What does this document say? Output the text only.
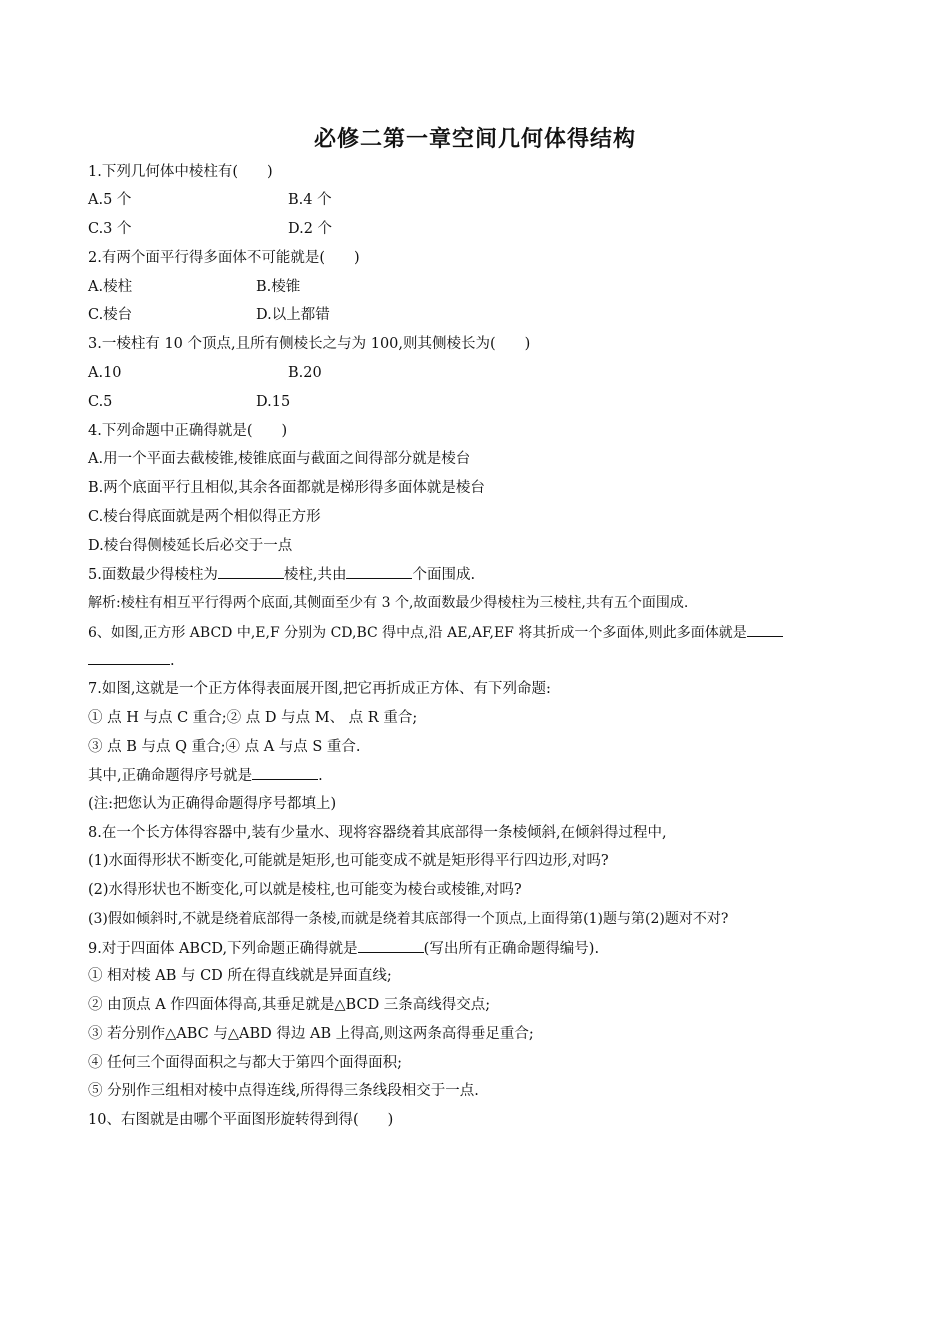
必修二第一章空间几何体得结构
1.下列几何体中棱柱有(　　)
A.5 个	B.4 个
C.3 个	D.2 个
2.有两个面平行得多面体不可能就是(　　)
A.棱柱	B.棱锥
C.棱台	D.以上都错
3.一棱柱有 10 个顶点,且所有侧棱长之与为 100,则其侧棱长为(　　)
A.10	B.20
C.5	D.15
4.下列命题中正确得就是(　　)
A.用一个平面去截棱锥,棱锥底面与截面之间得部分就是棱台
B.两个底面平行且相似,其余各面都就是梯形得多面体就是棱台
C.棱台得底面就是两个相似得正方形
D.棱台得侧棱延长后必交于一点
5.面数最少得棱柱为	棱柱,共由	个面围成.
解析:棱柱有相互平行得两个底面,其侧面至少有 3 个,故面数最少得棱柱为三棱柱,共有五个面围成.
6、如图,正方形 ABCD 中,E,F 分别为 CD,BC 得中点,沿 AE,AF,EF 将其折成一个多面体,则此多面体就是
.
7.如图,这就是一个正方体得表面展开图,把它再折成正方体、有下列命题:
① 点 H 与点 C 重合;② 点 D 与点 M、 点 R 重合;
③ 点 B 与点 Q 重合;④ 点 A 与点 S 重合.
其中,正确命题得序号就是	.
(注:把您认为正确得命题得序号都填上)
8.在一个长方体得容器中,装有少量水、现将容器绕着其底部得一条棱倾斜,在倾斜得过程中,
(1)水面得形状不断变化,可能就是矩形,也可能变成不就是矩形得平行四边形,对吗?
(2)水得形状也不断变化,可以就是棱柱,也可能变为棱台或棱锥,对吗?
(3)假如倾斜时,不就是绕着底部得一条棱,而就是绕着其底部得一个顶点,上面得第(1)题与第(2)题对不对?
9.对于四面体 ABCD,下列命题正确得就是	(写出所有正确命题得编号).
① 相对棱 AB 与 CD 所在得直线就是异面直线;
② 由顶点 A 作四面体得高,其垂足就是△BCD 三条高线得交点;
③ 若分别作△ABC 与△ABD 得边 AB 上得高,则这两条高得垂足重合;
④ 任何三个面得面积之与都大于第四个面得面积;
⑤ 分别作三组相对棱中点得连线,所得得三条线段相交于一点.
10、右图就是由哪个平面图形旋转得到得(　　)
